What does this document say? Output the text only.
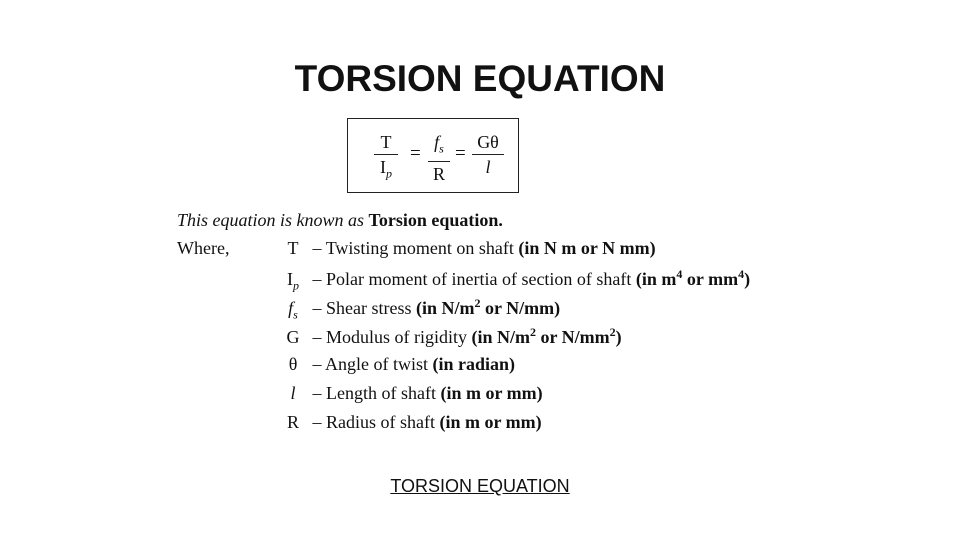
TORSION EQUATION
T
$I_p$
=
$f_s$
R
=
Gθ
l
This equation is known as Torsion equation.
Where,	T – Twisting moment on shaft (in N m or N mm)
$I_p$ – Polar moment of inertia of section of shaft (in $m^4$ or $mm^4$)
$f_s$ – Shear stress (in $N/m^2$ or N/mm)
G – Modulus of rigidity (in $N/m^2$ or $N/mm^2$)
θ – Angle of twist (in radian)
l – Length of shaft (in m or mm)
R – Radius of shaft (in m or mm)
TORSION EQUATION
